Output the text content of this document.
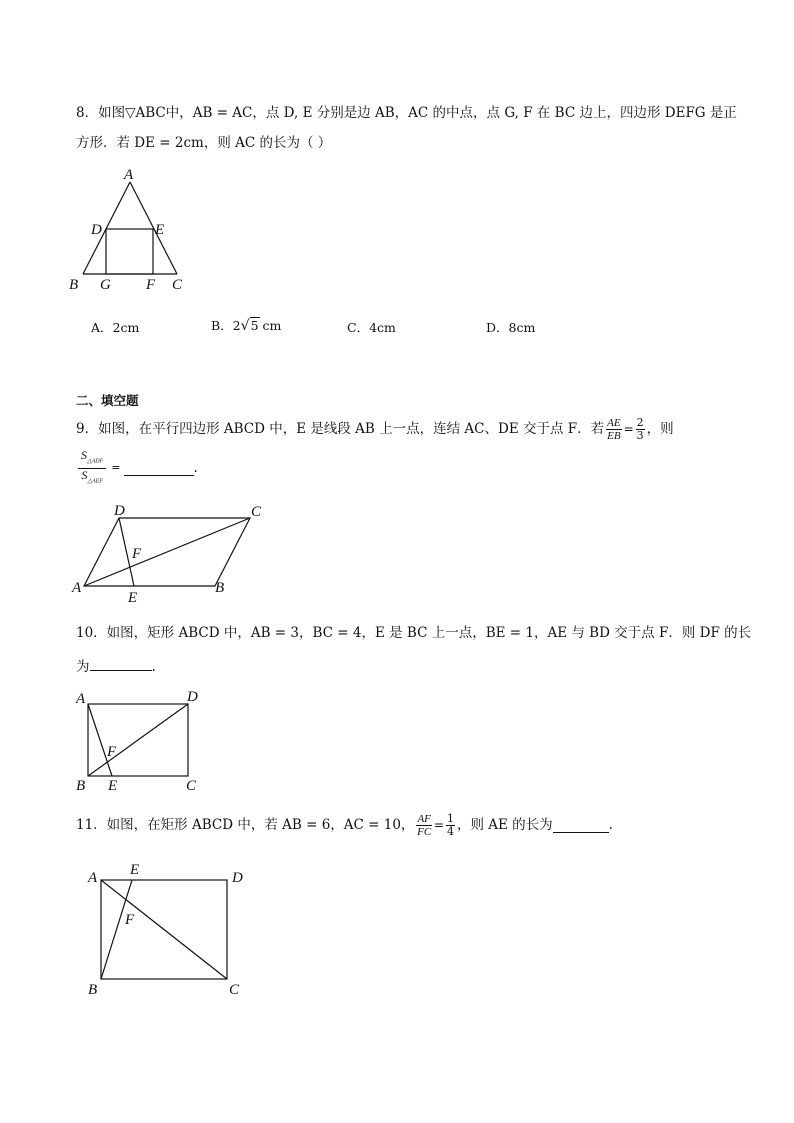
8．如图▽ABC中，AB = AC，点 D, E 分别是边 AB，AC 的中点，点 G, F 在 BC 边上，四边形 DEFG 是正
方形．若 DE = 2cm，则 AC 的长为（ ）
A
B G F C
D	E
A．2cm	B．2√5 cm	C．4cm	D．8cm
二、填空题
9．如图，在平行四边形 ABCD 中，E 是线段 AB 上一点，连结 AC、DE 交于点 F．若 $\frac{AE}{EB} = \frac{2}{3}$ ，则
$\frac{S_{\triangle ADF}}{S_{\triangle AEF}}$ =	.
A	B
C
D
E
F
10．如图，矩形 ABCD 中，AB = 3，BC = 4，E 是 BC 上一点，BE = 1，AE 与 BD 交于点 F．则 DF 的长
为	.
A	D
B E	C
F
11．如图，在矩形 ABCD 中，若 AB = 6，AC = 10， $\frac{AF}{FC} = \frac{1}{4}$ ，则 AE 的长为	.
A E	D
F
B	C
